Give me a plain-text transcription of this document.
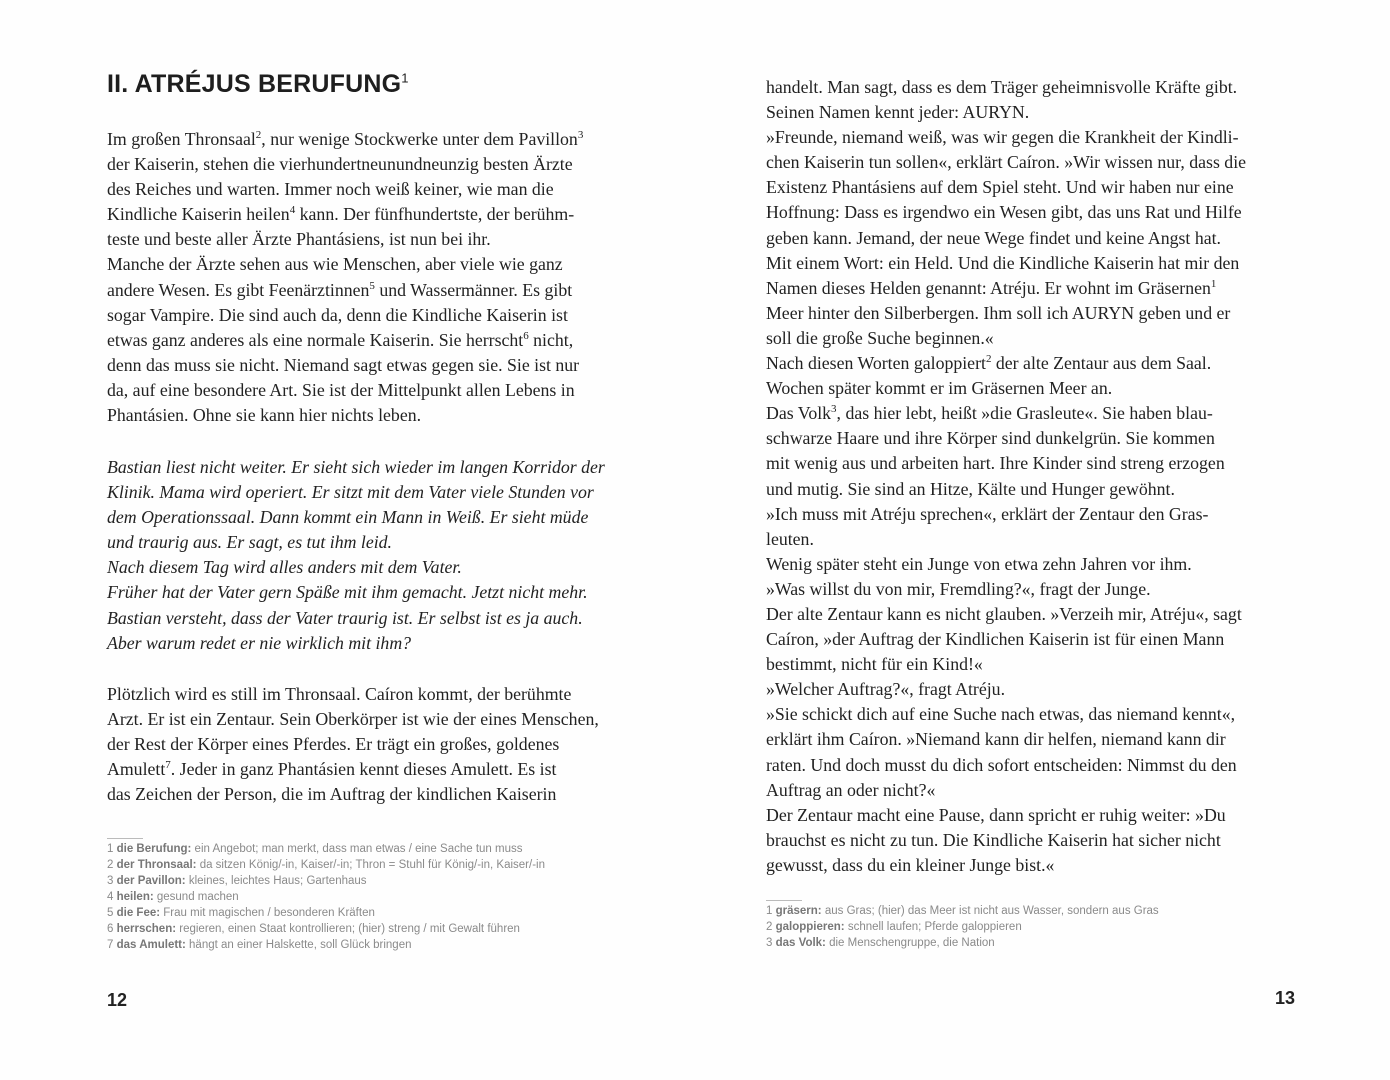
II. ATRÉJUS BERUFUNG$^1$
Im großen Thronsaal$^2$, nur wenige Stockwerke unter dem Pavillon$^3$
der Kaiserin, stehen die vierhundertneunundneunzig besten Ärzte
des Reiches und warten. Immer noch weiß keiner, wie man die
Kindliche Kaiserin heilen$^4$ kann. Der fünfhundertste, der berühm-
teste und beste aller Ärzte Phantásiens, ist nun bei ihr.
Manche der Ärzte sehen aus wie Menschen, aber viele wie ganz
andere Wesen. Es gibt Feenärztinnen$^5$ und Wassermänner. Es gibt
sogar Vampire. Die sind auch da, denn die Kindliche Kaiserin ist
etwas ganz anderes als eine normale Kaiserin. Sie herrscht$^6$ nicht,
denn das muss sie nicht. Niemand sagt etwas gegen sie. Sie ist nur
da, auf eine besondere Art. Sie ist der Mittelpunkt allen Lebens in
Phantásien. Ohne sie kann hier nichts leben.
Bastian liest nicht weiter. Er sieht sich wieder im langen Korridor der
Klinik. Mama wird operiert. Er sitzt mit dem Vater viele Stunden vor
dem Operationssaal. Dann kommt ein Mann in Weiß. Er sieht müde
und traurig aus. Er sagt, es tut ihm leid.
Nach diesem Tag wird alles anders mit dem Vater.
Früher hat der Vater gern Späße mit ihm gemacht. Jetzt nicht mehr.
Bastian versteht, dass der Vater traurig ist. Er selbst ist es ja auch.
Aber warum redet er nie wirklich mit ihm?
Plötzlich wird es still im Thronsaal. Caíron kommt, der berühmte
Arzt. Er ist ein Zentaur. Sein Oberkörper ist wie der eines Menschen,
der Rest der Körper eines Pferdes. Er trägt ein großes, goldenes
Amulett$^7$. Jeder in ganz Phantásien kennt dieses Amulett. Es ist
das Zeichen der Person, die im Auftrag der kindlichen Kaiserin
1 die Berufung: ein Angebot; man merkt, dass man etwas / eine Sache tun muss
2 der Thronsaal: da sitzen König/-in, Kaiser/-in; Thron = Stuhl für König/-in, Kaiser/-in
3 der Pavillon: kleines, leichtes Haus; Gartenhaus
4 heilen: gesund machen
5 die Fee: Frau mit magischen / besonderen Kräften
6 herrschen: regieren, einen Staat kontrollieren; (hier) streng / mit Gewalt führen
7 das Amulett: hängt an einer Halskette, soll Glück bringen
12
handelt. Man sagt, dass es dem Träger geheimnisvolle Kräfte gibt.
Seinen Namen kennt jeder: AURYN.
»Freunde, niemand weiß, was wir gegen die Krankheit der Kindli-
chen Kaiserin tun sollen«, erklärt Caíron. »Wir wissen nur, dass die
Existenz Phantásiens auf dem Spiel steht. Und wir haben nur eine
Hoffnung: Dass es irgendwo ein Wesen gibt, das uns Rat und Hilfe
geben kann. Jemand, der neue Wege findet und keine Angst hat.
Mit einem Wort: ein Held. Und die Kindliche Kaiserin hat mir den
Namen dieses Helden genannt: Atréju. Er wohnt im Gräsernen$^1$
Meer hinter den Silberbergen. Ihm soll ich AURYN geben und er
soll die große Suche beginnen.«
Nach diesen Worten galoppiert$^2$ der alte Zentaur aus dem Saal.
Wochen später kommt er im Gräsernen Meer an.
Das Volk$^3$, das hier lebt, heißt »die Grasleute«. Sie haben blau-
schwarze Haare und ihre Körper sind dunkelgrün. Sie kommen
mit wenig aus und arbeiten hart. Ihre Kinder sind streng erzogen
und mutig. Sie sind an Hitze, Kälte und Hunger gewöhnt.
»Ich muss mit Atréju sprechen«, erklärt der Zentaur den Gras-
leuten.
Wenig später steht ein Junge von etwa zehn Jahren vor ihm.
»Was willst du von mir, Fremdling?«, fragt der Junge.
Der alte Zentaur kann es nicht glauben. »Verzeih mir, Atréju«, sagt
Caíron, »der Auftrag der Kindlichen Kaiserin ist für einen Mann
bestimmt, nicht für ein Kind!«
»Welcher Auftrag?«, fragt Atréju.
»Sie schickt dich auf eine Suche nach etwas, das niemand kennt«,
erklärt ihm Caíron. »Niemand kann dir helfen, niemand kann dir
raten. Und doch musst du dich sofort entscheiden: Nimmst du den
Auftrag an oder nicht?«
Der Zentaur macht eine Pause, dann spricht er ruhig weiter: »Du
brauchst es nicht zu tun. Die Kindliche Kaiserin hat sicher nicht
gewusst, dass du ein kleiner Junge bist.«
1 gräsern: aus Gras; (hier) das Meer ist nicht aus Wasser, sondern aus Gras
2 galoppieren: schnell laufen; Pferde galoppieren
3 das Volk: die Menschengruppe, die Nation
13
